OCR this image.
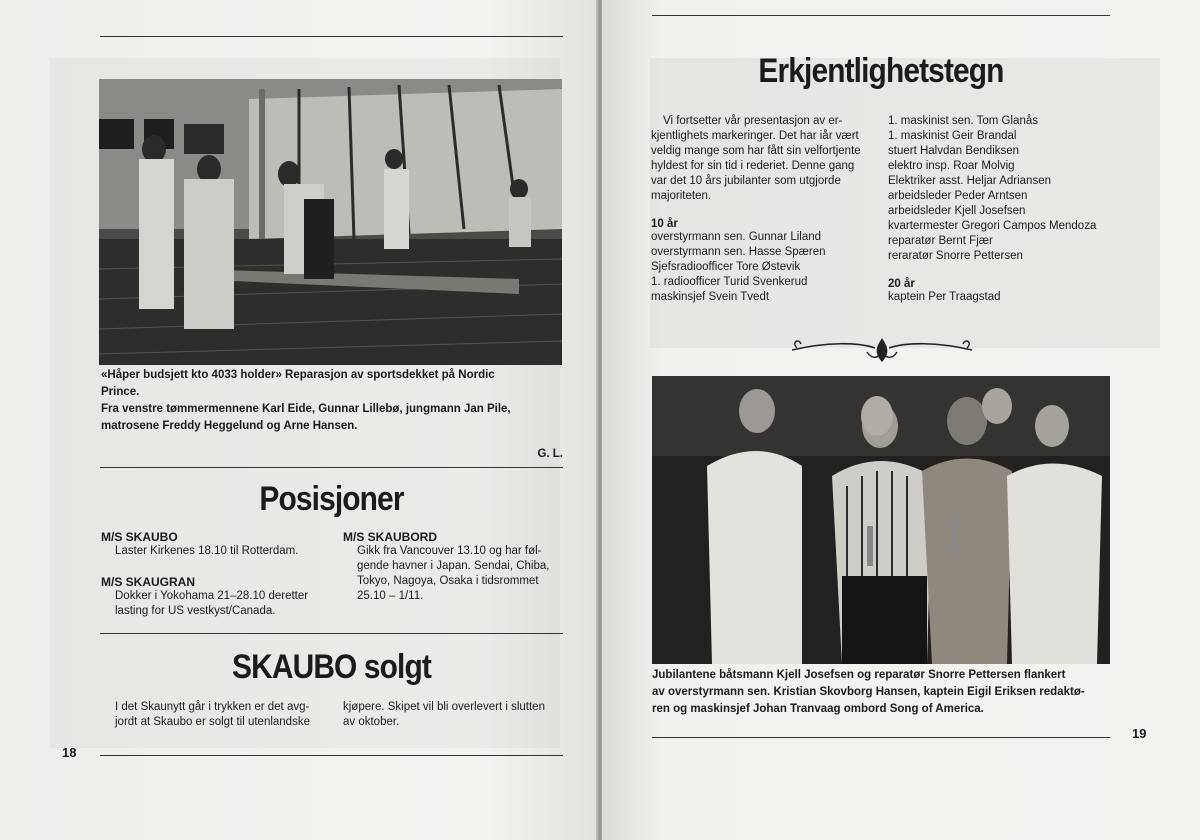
«Håper budsjett kto 4033 holder» Reparasjon av sportsdekket på Nordic
Prince.
Fra venstre tømmermennene Karl Eide, Gunnar Lillebø, jungmann Jan Pile,
matrosene Freddy Heggelund og Arne Hansen.
G. L.
Posisjoner

M/S SKAUBO

Laster Kirkenes 18.10 til Rotterdam.

M/S SKAUGRAN

Dokker i Yokohama 21–28.10 deretter

lasting for US vestkyst/Canada.

M/S SKAUBORD

Gikk fra Vancouver 13.10 og har føl-

gende havner i Japan. Sendai, Chiba,

Tokyo, Nagoya, Osaka i tidsrommet

25.10 – 1/11.

SKAUBO solgt

I det Skaunytt går i trykken er det avg-

jordt at Skaubo er solgt til utenlandske

kjøpere. Skipet vil bli overlevert i slutten

av oktober.

18
Erkjentlighetstegn

Vi fortsetter vår presentasjon av er-

kjentlighets markeringer. Det har iår vært

veldig mange som har fått sin velfortjente

hyldest for sin tid i rederiet. Denne gang

var det 10 års jubilanter som utgjorde

majoriteten.

10 år

overstyrmann sen. Gunnar Liland

overstyrmann sen. Hasse Spæren

Sjefsradioofficer Tore Østevik

1. radioofficer Turid Svenkerud

maskinsjef Svein Tvedt

1. maskinist sen. Tom Glanås

1. maskinist Geir Brandal

stuert Halvdan Bendiksen

elektro insp. Roar Molvig

Elektriker asst. Heljar Adriansen

arbeidsleder Peder Arntsen

arbeidsleder Kjell Josefsen

kvartermester Gregori Campos Mendoza

reparatør Bernt Fjær

reraratør Snorre Pettersen

20 år

kaptein Per Traagstad

Jubilantene båtsmann Kjell Josefsen og reparatør Snorre Pettersen flankert
av overstyrmann sen. Kristian Skovborg Hansen, kaptein Eigil Eriksen redaktø-
ren og maskinsjef Johan Tranvaag ombord Song of America.
19
